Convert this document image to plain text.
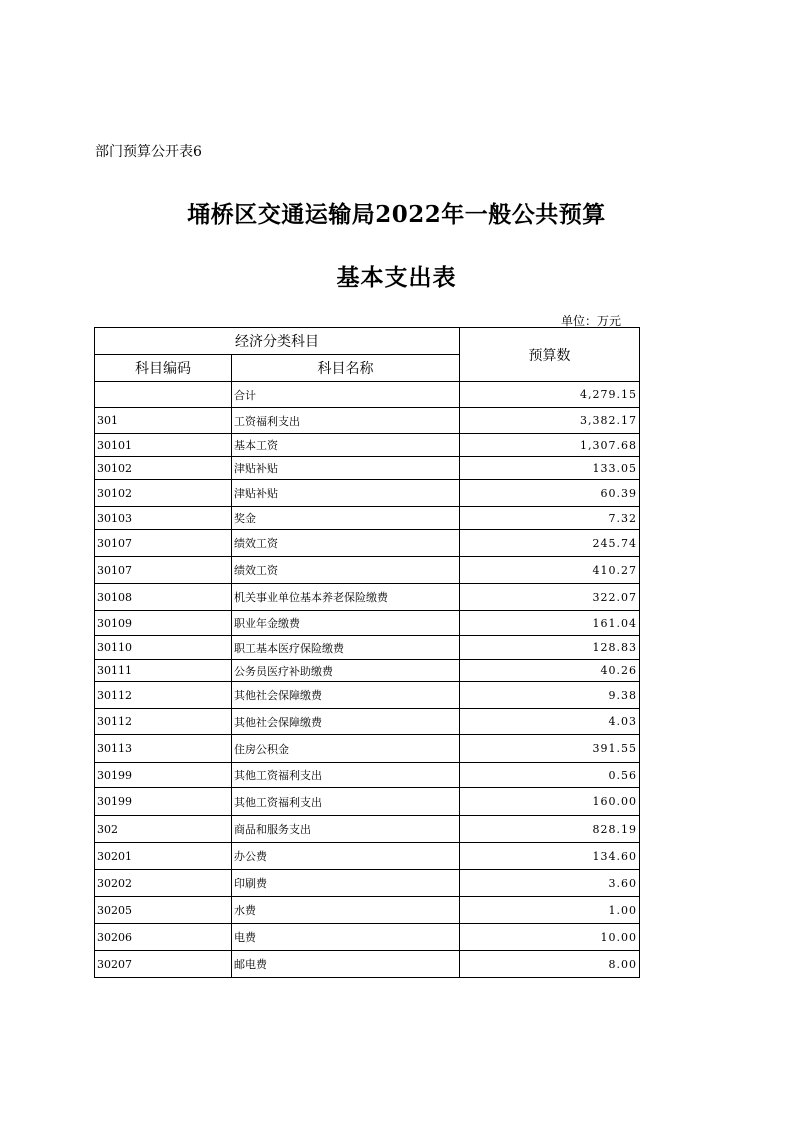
部门预算公开表6
埇桥区交通运输局2022年一般公共预算
基本支出表
单位：万元
经济分类科目		预算数
科目编码	科目名称	
	合计	4,279.15
301	工资福利支出	3,382.17
30101	基本工资	1,307.68
30102	津贴补贴	133.05
30102	津贴补贴	60.39
30103	奖金	7.32
30107	绩效工资	245.74
30107	绩效工资	410.27
30108	机关事业单位基本养老保险缴费	322.07
30109	职业年金缴费	161.04
30110	职工基本医疗保险缴费	128.83
30111	公务员医疗补助缴费	40.26
30112	其他社会保障缴费	9.38
30112	其他社会保障缴费	4.03
30113	住房公积金	391.55
30199	其他工资福利支出	0.56
30199	其他工资福利支出	160.00
302	商品和服务支出	828.19
30201	办公费	134.60
30202	印刷费	3.60
30205	水费	1.00
30206	电费	10.00
30207	邮电费	8.00
